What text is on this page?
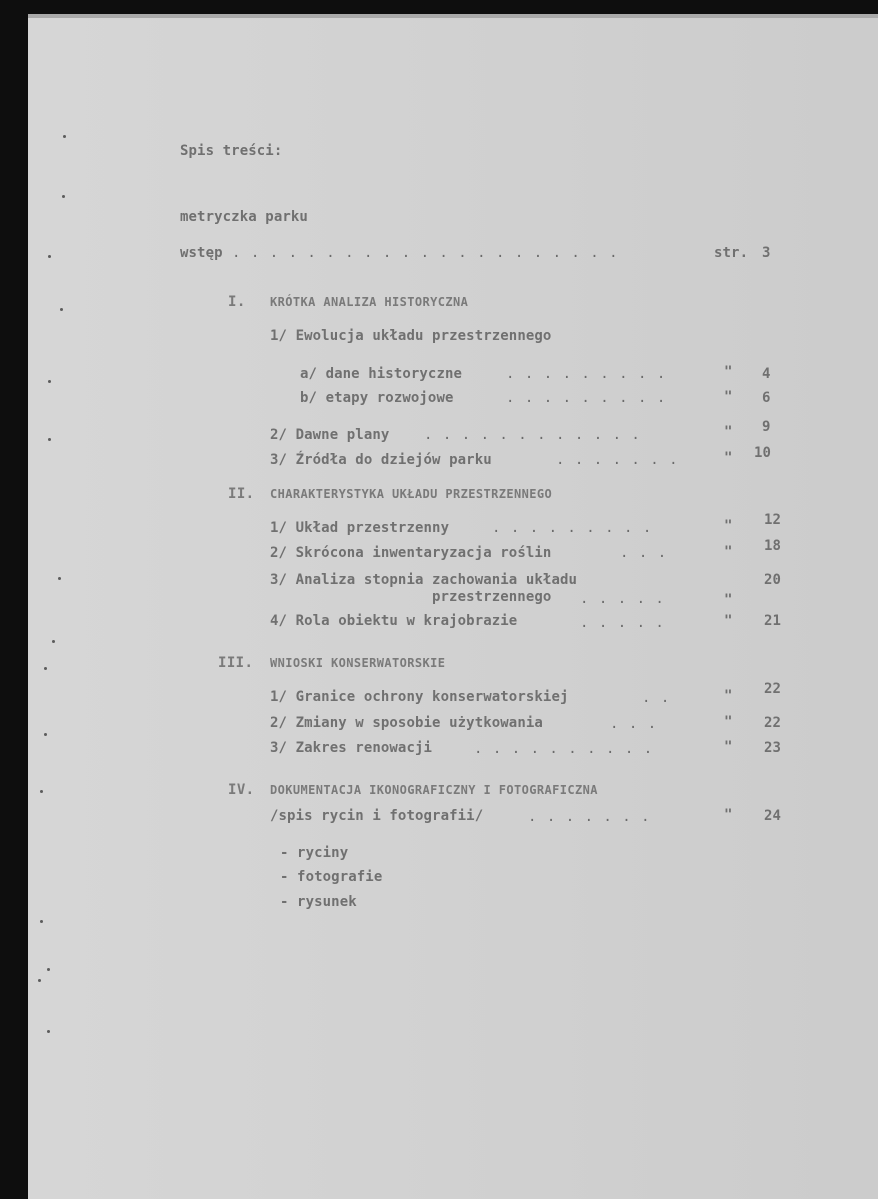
Spis treści:
metryczka parku
wstęp . . . . . . . . . . . . . . . . . . . . .	str. 3
I. KRÓTKA ANALIZA HISTORYCZNA
1/ Ewolucja układu przestrzennego
a/ dane historyczne	. . . . . . . . .	" 4
b/ etapy rozwojowe	. . . . . . . . .	" 6
2/ Dawne plany . . . . . . . . . . . .	" 9
3/ Źródła do dziejów parku	. . . . . . .	" 10
II. CHARAKTERYSTYKA UKŁADU PRZESTRZENNEGO
1/ Układ przestrzenny	. . . . . . . . .	" 12
2/ Skrócona inwentaryzacja roślin	. . .	" 18
3/ Analiza stopnia zachowania układu	20
przestrzennego . . . . .	"
4/ Rola obiektu w krajobrazie	. . . . .	" 21
III. WNIOSKI KONSERWATORSKIE
1/ Granice ochrony konserwatorskiej	. .	" 22
2/ Zmiany w sposobie użytkowania	. . .	" 22
3/ Zakres renowacji	. . . . . . . . . .	" 23
IV. DOKUMENTACJA IKONOGRAFICZNY I FOTOGRAFICZNA
/spis rycin i fotografii/	. . . . . . .	" 24
- ryciny
- fotografie
- rysunek
